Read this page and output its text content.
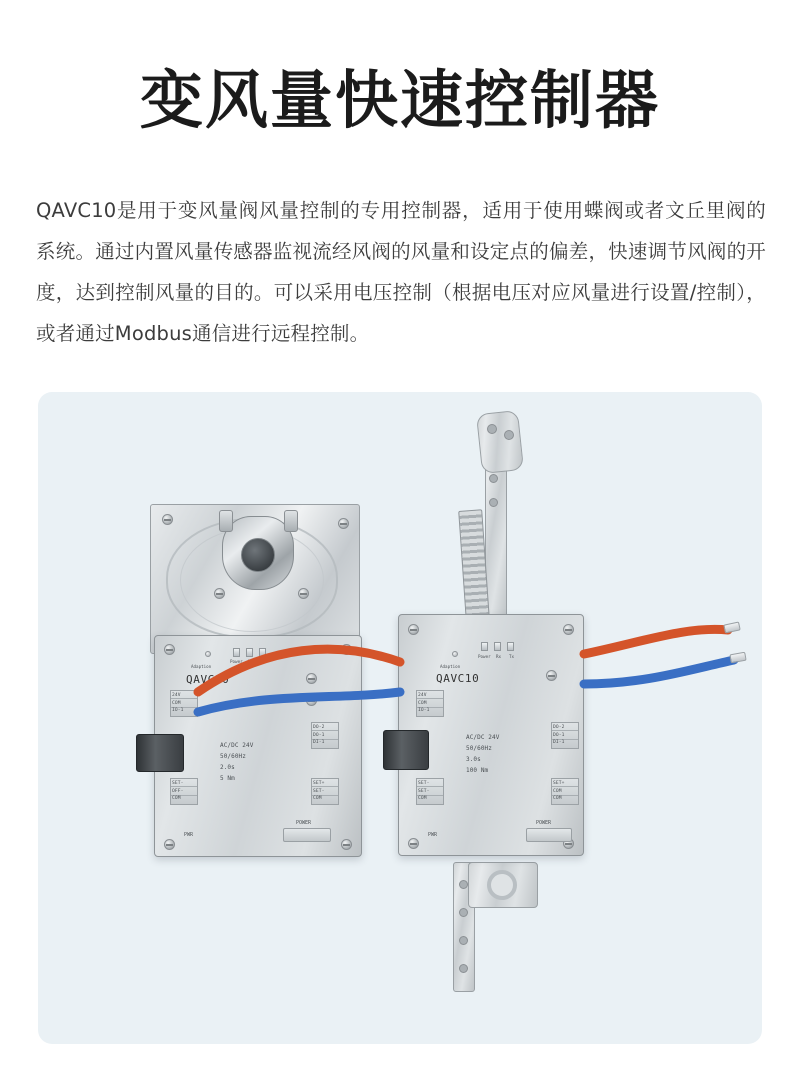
变风量快速控制器
QAVC10是用于变风量阀风量控制的专用控制器，适用于使用蝶阀或者文丘里阀的系统。通过内置风量传感器监视流经风阀的风量和设定点的偏差，快速调节风阀的开度，达到控制风量的目的。可以采用电压控制（根据电压对应风量进行设置/控制），或者通过Modbus通信进行远程控制。
Adaption
Power Rx Tx
QAVC10
24V
COM
IO-1
DO-2
DO-1
DI-1
SET-
OFF-
COM
SET+
SET-
COM
AC/DC 24V
50/60Hz
2.0s
5 Nm
POWER
PWR
Adaption
Power Rx Tx
QAVC10
24V
COM
IO-1
DO-2
DO-1
DI-1
SET-
SET-
COM
SET+
COM
COM
AC/DC 24V
50/60Hz
3.0s
100 Nm
POWER
PWR
